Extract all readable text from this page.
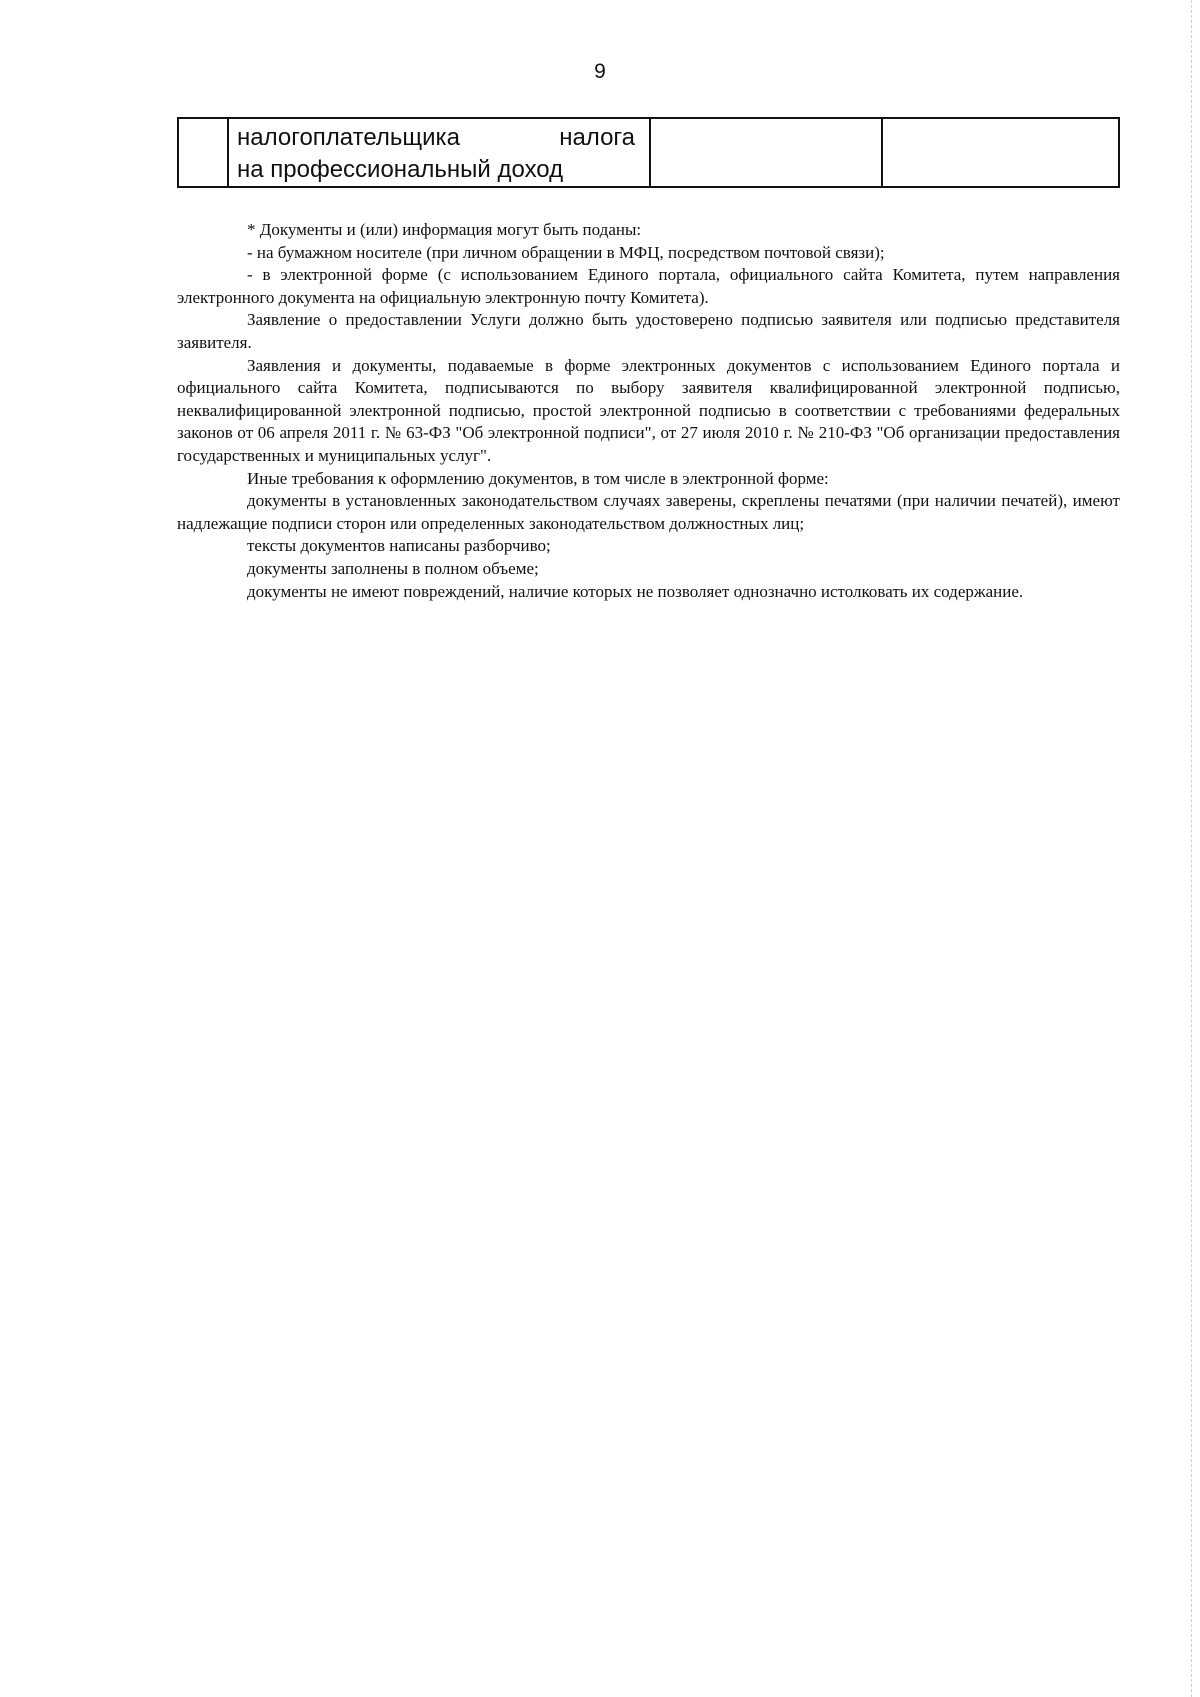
9

налогоплательщика	налога
на профессиональный доход

* Документы и (или) информация могут быть поданы:

- на бумажном носителе (при личном обращении в МФЦ, посредством почтовой связи);

- в электронной форме (с использованием Единого портала, официального сайта Комитета, путем направления электронного документа на официальную электронную почту Комитета).

Заявление о предоставлении Услуги должно быть удостоверено подписью заявителя или подписью представителя заявителя.

Заявления и документы, подаваемые в форме электронных документов с использованием Единого портала и официального сайта Комитета, подписываются по выбору заявителя квалифицированной электронной подписью, неквалифицированной электронной подписью, простой электронной подписью в соответствии с требованиями федеральных законов от 06 апреля 2011 г. № 63-ФЗ "Об электронной подписи", от 27 июля 2010 г. № 210-ФЗ "Об организации предоставления государственных и муниципальных услуг".

Иные требования к оформлению документов, в том числе в электронной форме:

документы в установленных законодательством случаях заверены, скреплены печатями (при наличии печатей), имеют надлежащие подписи сторон или определенных законодательством должностных лиц;

тексты документов написаны разборчиво;

документы заполнены в полном объеме;

документы не имеют повреждений, наличие которых не позволяет однозначно истолковать их содержание.
